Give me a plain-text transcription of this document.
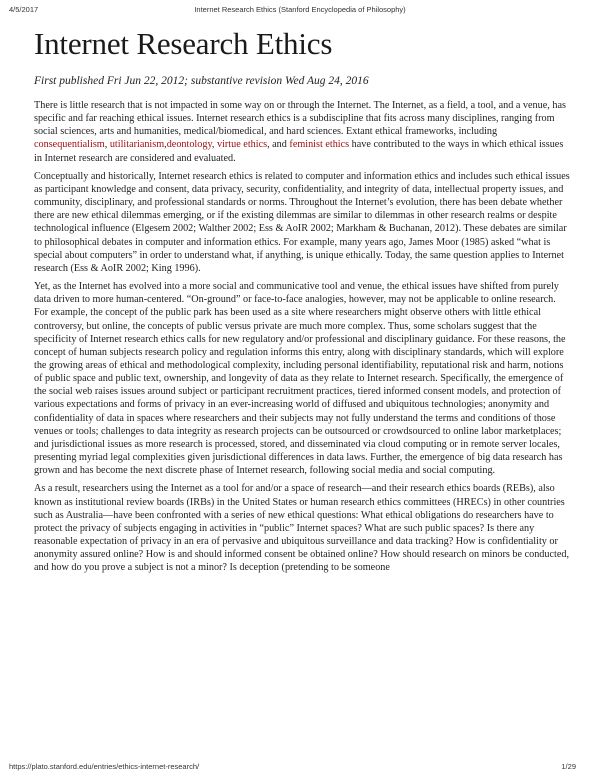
4/5/2017	Internet Research Ethics (Stanford Encyclopedia of Philosophy)
Internet Research Ethics

First published Fri Jun 22, 2012; substantive revision Wed Aug 24, 2016

There is little research that is not impacted in some way on or through the Internet. The Internet, as a field, a tool, and a venue, has specific and far reaching ethical issues. Internet research ethics is a subdiscipline that fits across many disciplines, ranging from social sciences, arts and humanities, medical/biomedical, and hard sciences. Extant ethical frameworks, including consequentialism, utilitarianism,deontology, virtue ethics, and feminist ethics have contributed to the ways in which ethical issues in Internet research are considered and evaluated.

Conceptually and historically, Internet research ethics is related to computer and information ethics and includes such ethical issues as participant knowledge and consent, data privacy, security, confidentiality, and integrity of data, intellectual property issues, and community, disciplinary, and professional standards or norms. Throughout the Internet’s evolution, there has been debate whether there are new ethical dilemmas emerging, or if the existing dilemmas are similar to dilemmas in other research realms or despite technological influence (Elgesem 2002; Walther 2002; Ess & AoIR 2002; Markham & Buchanan, 2012). These debates are similar to philosophical debates in computer and information ethics. For example, many years ago, James Moor (1985) asked “what is special about computers” in order to understand what, if anything, is unique ethically. Today, the same question applies to Internet research (Ess & AoIR 2002; King 1996).

Yet, as the Internet has evolved into a more social and communicative tool and venue, the ethical issues have shifted from purely data driven to more human-centered. “On-ground” or face-to-face analogies, however, may not be applicable to online research. For example, the concept of the public park has been used as a site where researchers might observe others with little ethical controversy, but online, the concepts of public versus private are much more complex. Thus, some scholars suggest that the specificity of Internet research ethics calls for new regulatory and/or professional and disciplinary guidance. For these reasons, the concept of human subjects research policy and regulation informs this entry, along with disciplinary standards, which will explore the growing areas of ethical and methodological complexity, including personal identifiability, reputational risk and harm, notions of public space and public text, ownership, and longevity of data as they relate to Internet research. Specifically, the emergence of the social web raises issues around subject or participant recruitment practices, tiered informed consent models, and protection of various expectations and forms of privacy in an ever-increasing world of diffused and ubiquitous technologies; anonymity and confidentiality of data in spaces where researchers and their subjects may not fully understand the terms and conditions of those venues or tools; challenges to data integrity as research projects can be outsourced or crowdsourced to online labor marketplaces; and jurisdictional issues as more research is processed, stored, and disseminated via cloud computing or in remote server locales, presenting myriad legal complexities given jurisdictional differences in data laws. Further, the emergence of big data research has grown and has become the next discrete phase of Internet research, following social media and social computing.

As a result, researchers using the Internet as a tool for and/or a space of research—and their research ethics boards (REBs), also known as institutional review boards (IRBs) in the United States or human research ethics committees (HRECs) in other countries such as Australia—have been confronted with a series of new ethical questions: What ethical obligations do researchers have to protect the privacy of subjects engaging in activities in “public” Internet spaces? What are such public spaces? Is there any reasonable expectation of privacy in an era of pervasive and ubiquitous surveillance and data tracking? How is confidentiality or anonymity assured online? How is and should informed consent be obtained online? How should research on minors be conducted, and how do you prove a subject is not a minor? Is deception (pretending to be someone

https://plato.stanford.edu/entries/ethics-internet-research/	1/29
